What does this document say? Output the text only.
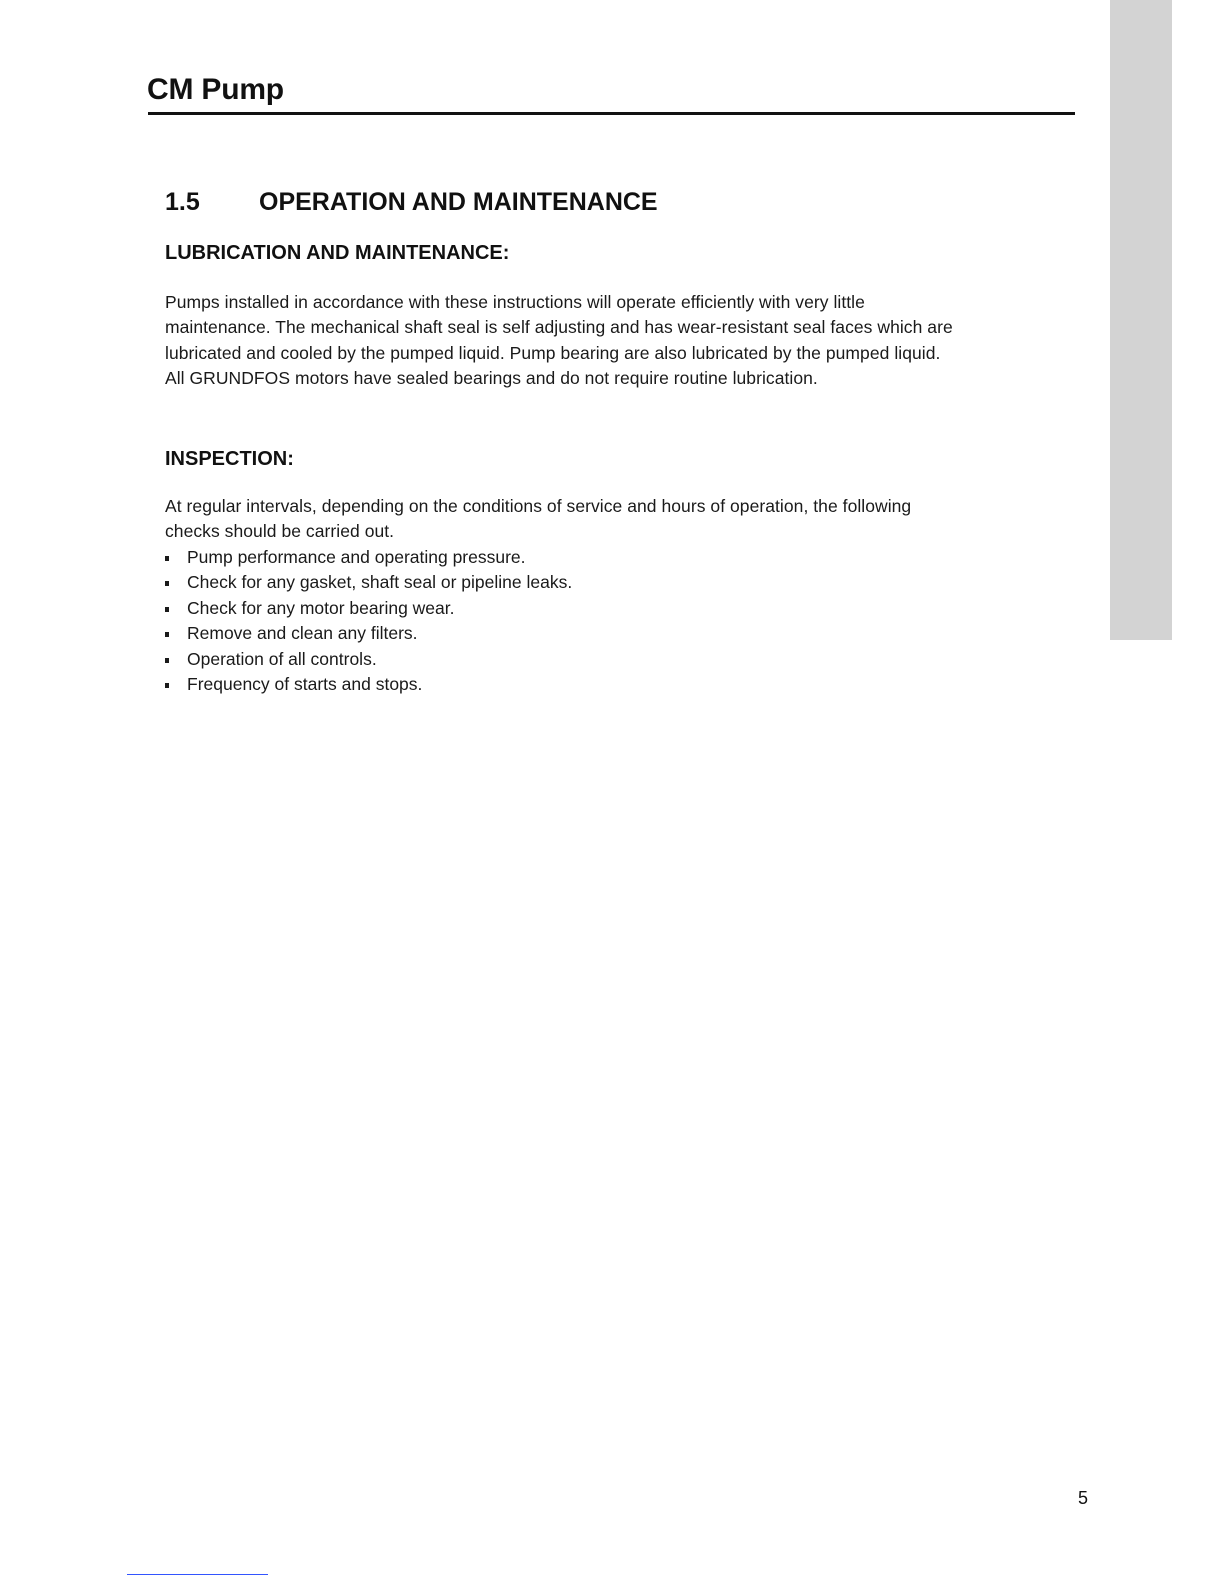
CM Pump
1.5 OPERATION AND MAINTENANCE
LUBRICATION AND MAINTENANCE:

Pumps installed in accordance with these instructions will operate efficiently with very little maintenance. The mechanical shaft seal is self adjusting and has wear-resistant seal faces which are lubricated and cooled by the pumped liquid. Pump bearing are also lubricated by the pumped liquid. All GRUNDFOS motors have sealed bearings and do not require routine lubrication.

INSPECTION:

At regular intervals, depending on the conditions of service and hours of operation, the following checks should be carried out.

Pump performance and operating pressure.
Check for any gasket, shaft seal or pipeline leaks.
Check for any motor bearing wear.
Remove and clean any filters.
Operation of all controls.
Frequency of starts and stops.

5
